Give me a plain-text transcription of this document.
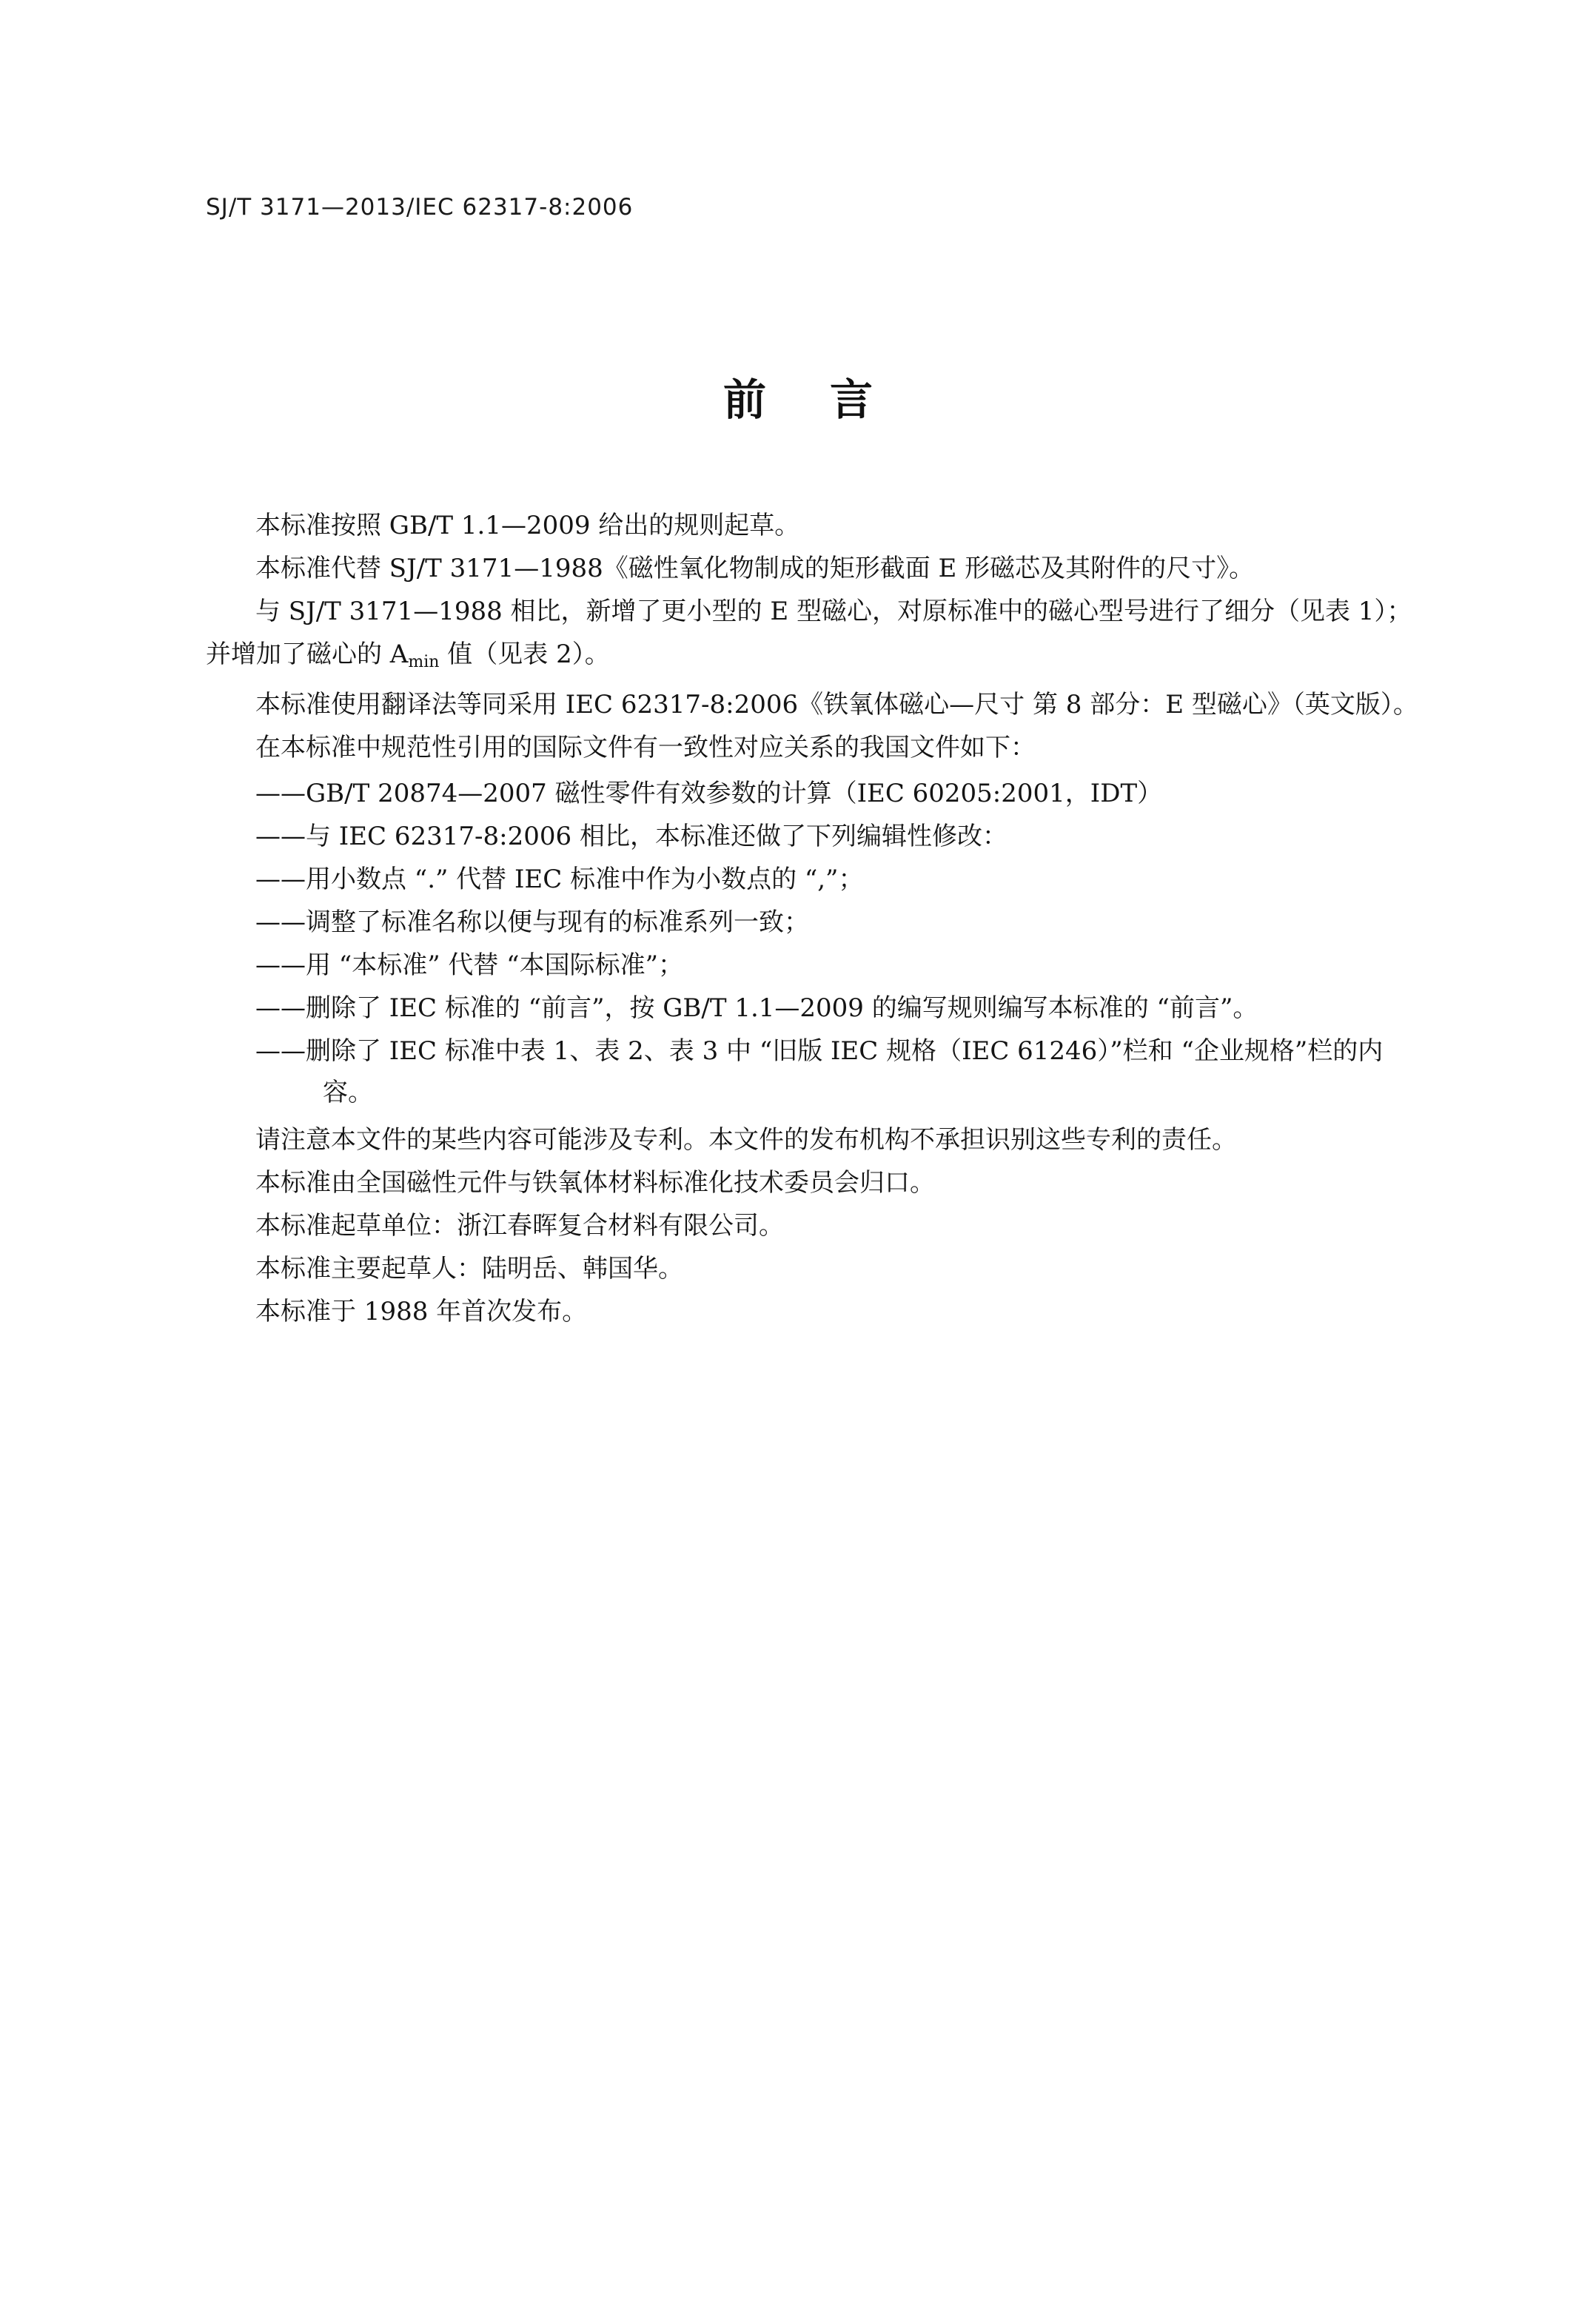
SJ/T 3171—2013/IEC 62317-8:2006
前言
本标准按照 GB/T 1.1—2009 给出的规则起草。
本标准代替 SJ/T 3171—1988《磁性氧化物制成的矩形截面 E 形磁芯及其附件的尺寸》。
与 SJ/T 3171—1988 相比，新增了更小型的 E 型磁心，对原标准中的磁心型号进行了细分（见表 1）；
并增加了磁心的 $A_{min}$ 值（见表 2）。
本标准使用翻译法等同采用 IEC 62317-8:2006《铁氧体磁心—尺寸 第 8 部分：E 型磁心》（英文版）。
在本标准中规范性引用的国际文件有一致性对应关系的我国文件如下：
——GB/T 20874—2007 磁性零件有效参数的计算（IEC 60205:2001，IDT）
——与 IEC 62317-8:2006 相比，本标准还做了下列编辑性修改：
——用小数点 “.” 代替 IEC 标准中作为小数点的 “,”；
——调整了标准名称以便与现有的标准系列一致；
——用 “本标准” 代替 “本国际标准”；
——删除了 IEC 标准的 “前言”，按 GB/T 1.1—2009 的编写规则编写本标准的 “前言”。
——删除了 IEC 标准中表 1、表 2、表 3 中 “旧版 IEC 规格（IEC 61246）”栏和 “企业规格”栏的内
容。
请注意本文件的某些内容可能涉及专利。本文件的发布机构不承担识别这些专利的责任。
本标准由全国磁性元件与铁氧体材料标准化技术委员会归口。
本标准起草单位：浙江春晖复合材料有限公司。
本标准主要起草人：陆明岳、韩国华。
本标准于 1988 年首次发布。
